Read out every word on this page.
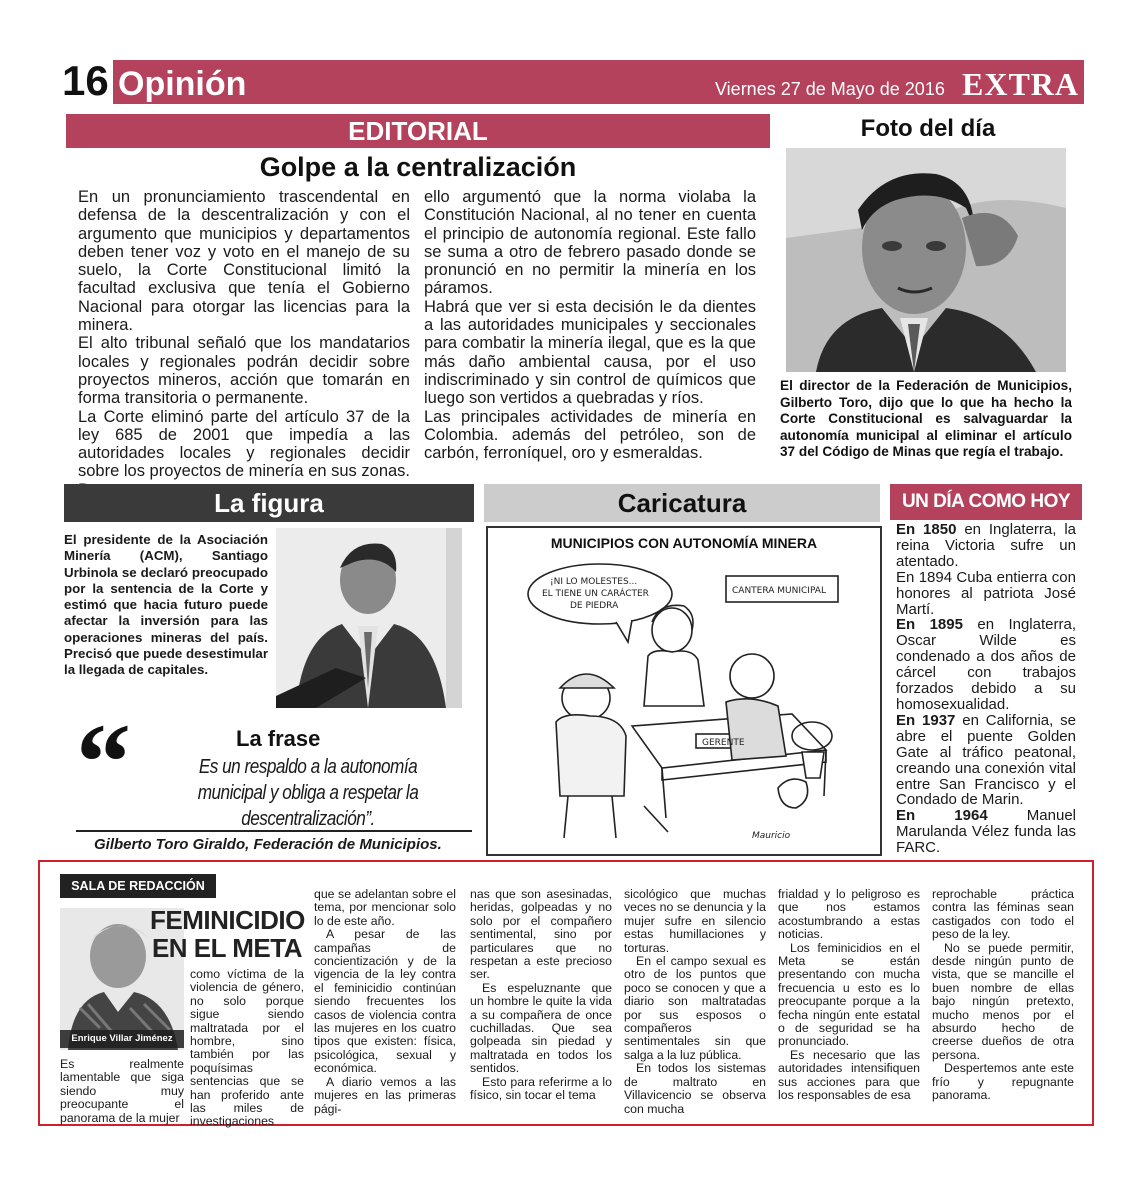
16 Opinión	Viernes 27 de Mayo de 2016 EXTRA
EDITORIAL
Golpe a la centralización

En un pronunciamiento trascendental en defensa de la descentralización y con el argumento que municipios y departamentos deben tener voz y voto en el manejo de su suelo, la Corte Constitucional limitó la facultad exclusiva que tenía el Gobierno Nacional para otorgar las licencias para la minera.

El alto tribunal señaló que los mandatarios locales y regionales podrán decidir sobre proyectos mineros, acción que tomarán en forma transitoria o permanente.

La Corte eliminó parte del artículo 37 de la ley 685 de 2001 que impedía a las autoridades locales y regionales decidir sobre los proyectos de minería en sus zonas.

ello argumentó que la norma violaba la Constitución Nacional, al no tener en cuenta el principio de autonomía regional. Este fallo se suma a otro de febrero pasado donde se pronunció en no permitir la minería en los páramos.

Habrá que ver si esta decisión le da dientes a las autoridades municipales y seccionales para combatir la minería ilegal, que es la que más daño ambiental causa, por el uso indiscriminado y sin control de químicos que luego son vertidos a quebradas y ríos.

Las principales actividades de minería en Colombia. además del petróleo, son de carbón, ferroníquel, oro y esmeraldas.

Foto del día
El director de la Federación de Municipios, Gilberto Toro, dijo que lo que ha hecho la Corte Constitucional es salvaguardar la autonomía municipal al eliminar el artículo 37 del Código de Minas que regía el trabajo.
La figura
El presidente de la Asociación Minería (ACM), Santiago Urbinola se declaró preocupado por la sentencia de la Corte y estimó que hacia futuro puede afectar la inversión para las operaciones mineras del país. Precisó que puede desestimular la llegada de capitales.
“	La frase
Es un respaldo a la autonomía municipal y obliga a respetar la descentralización”.
Gilberto Toro Giraldo, Federación de Municipios.
Caricatura
MUNICIPIOS CON AUTONOMÍA MINERA
¡NI LO MOLESTES...
EL TIENE UN CARÁCTER
DE PIEDRA
CANTERA MUNICIPAL
GERENTE
Mauricio
UN DÍA COMO HOY
En 1850 en Inglaterra, la reina Victoria sufre un atentado.
En 1894 Cuba entierra con honores al patriota José Martí.
En 1895 en Inglaterra, Oscar Wilde es condenado a dos años de cárcel con trabajos forzados debido a su homosexualidad.
En 1937 en California, se abre el puente Golden Gate al tráfico peatonal, creando una conexión vital entre San Francisco y el Condado de Marin.
En 1964 Manuel Marulanda Vélez funda las FARC.
SALA DE REDACCIÓN
Enrique Villar Jiménez
FEMINICIDIO EN EL META

como víctima de la violencia de género, no solo porque sigue siendo maltratada por el hombre, sino también por las poquísimas sentencias que se han proferido ante las miles de investigaciones

Es realmente lamentable que siga siendo muy preocupante el panorama de la mujer

que se adelantan sobre el tema, por mencionar solo lo de este año.

A pesar de las campañas de concientización y de la vigencia de la ley contra el feminicidio continúan siendo frecuentes los casos de violencia contra las mujeres en los cuatro tipos que existen: física, psicológica, sexual y económica.

A diario vemos a las mujeres en las primeras pági-

nas que son asesinadas, heridas, golpeadas y no solo por el compañero sentimental, sino por particulares que no respetan a este precioso ser.

Es espeluznante que un hombre le quite la vida a su compañera de once cuchilladas. Que sea golpeada sin piedad y maltratada en todos los sentidos.

Esto para referirme a lo físico, sin tocar el tema

sicológico que muchas veces no se denuncia y la mujer sufre en silencio estas humillaciones y torturas.

En el campo sexual es otro de los puntos que poco se conocen y que a diario son maltratadas por sus esposos o compañeros sentimentales sin que salga a la luz pública.

En todos los sistemas de maltrato en Villavicencio se observa con mucha

frialdad y lo peligroso es que nos estamos acostumbrando a estas noticias.

Los feminicidios en el Meta se están presentando con mucha frecuencia u esto es lo preocupante porque a la fecha ningún ente estatal o de seguridad se ha pronunciado.

Es necesario que las autoridades intensifiquen sus acciones para que los responsables de esa

reprochable práctica contra las féminas sean castigados con todo el peso de la ley.

No se puede permitir, desde ningún punto de vista, que se mancille el buen nombre de ellas bajo ningún pretexto, mucho menos por el absurdo hecho de creerse dueños de otra persona.

Despertemos ante este frío y repugnante panorama.
